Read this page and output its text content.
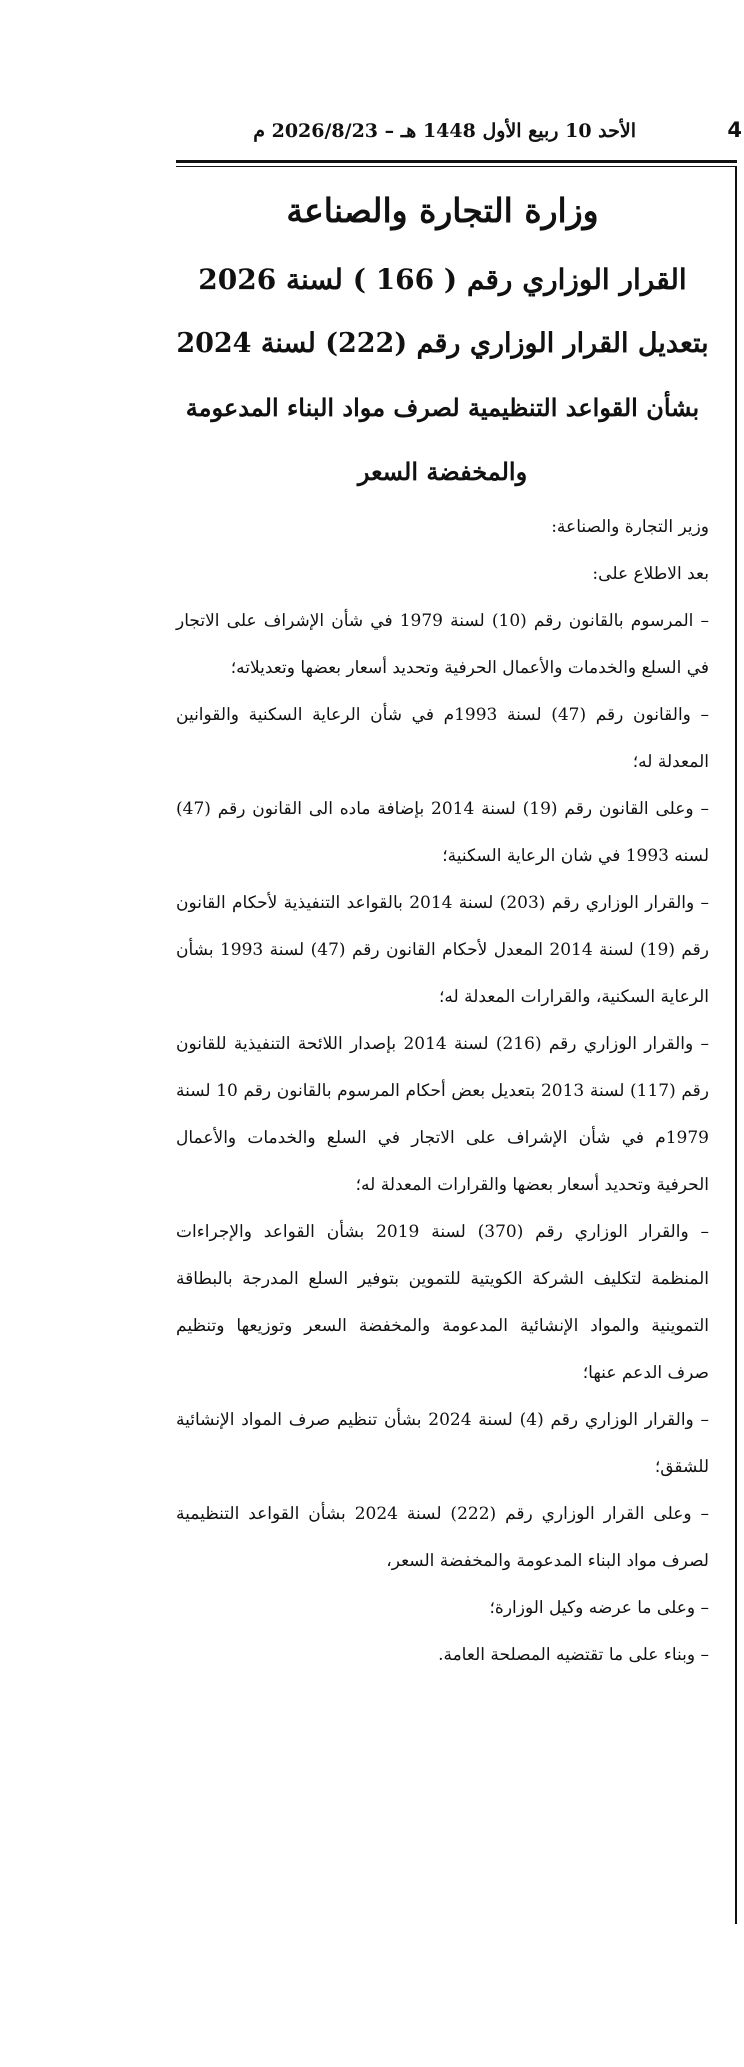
4
الأحد 10 ربيع الأول 1448 هـ – 2026/8/23 م
وزارة التجارة والصناعة
القرار الوزاري رقم ( 166 ) لسنة 2026
بتعديل القرار الوزاري رقم (222) لسنة 2024
بشأن القواعد التنظيمية لصرف مواد البناء المدعومة
والمخفضة السعر

وزير التجارة والصناعة:

بعد الاطلاع على:

– المرسوم بالقانون رقم (10) لسنة 1979 في شأن الإشراف على الاتجار في السلع والخدمات والأعمال الحرفية وتحديد أسعار بعضها وتعديلاته؛

– والقانون رقم (47) لسنة 1993م في شأن الرعاية السكنية والقوانين المعدلة له؛

– وعلى القانون رقم (19) لسنة 2014 بإضافة ماده الى القانون رقم (47) لسنه 1993 في شان الرعاية السكنية؛

– والقرار الوزاري رقم (203) لسنة 2014 بالقواعد التنفيذية لأحكام القانون رقم (19) لسنة 2014 المعدل لأحكام القانون رقم (47) لسنة 1993 بشأن الرعاية السكنية، والقرارات المعدلة له؛

– والقرار الوزاري رقم (216) لسنة 2014 بإصدار اللائحة التنفيذية للقانون رقم (117) لسنة 2013 بتعديل بعض أحكام المرسوم بالقانون رقم 10 لسنة 1979م في شأن الإشراف على الاتجار في السلع والخدمات والأعمال الحرفية وتحديد أسعار بعضها والقرارات المعدلة له؛

– والقرار الوزاري رقم (370) لسنة 2019 بشأن القواعد والإجراءات المنظمة لتكليف الشركة الكويتية للتموين بتوفير السلع المدرجة بالبطاقة التموينية والمواد الإنشائية المدعومة والمخفضة السعر وتوزيعها وتنظيم صرف الدعم عنها؛

– والقرار الوزاري رقم (4) لسنة 2024 بشأن تنظيم صرف المواد الإنشائية للشقق؛

– وعلى القرار الوزاري رقم (222) لسنة 2024 بشأن القواعد التنظيمية لصرف مواد البناء المدعومة والمخفضة السعر،

– وعلى ما عرضه وكيل الوزارة؛

– وبناء على ما تقتضيه المصلحة العامة.
